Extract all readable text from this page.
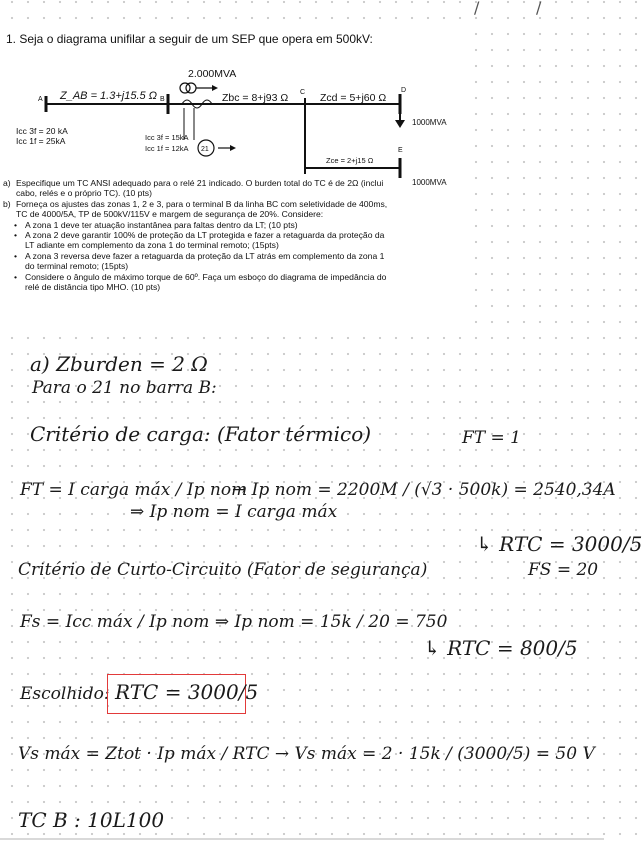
/	/
1. Seja o diagrama unifilar a seguir de um SEP que opera em 500kV:
A	B
C	D
E
Z_AB = 1.3+j15.5 Ω
2.000MVA
Zbc = 8+j93 Ω	Zcd = 5+j60 Ω
Zce = 2+j15 Ω
1000MVA
1000MVA
Icc 3f = 20 kA
Icc 1f = 25kA	Icc 3f = 15kA
Icc 1f = 12kA 21
a) Especifique um TC ANSI adequado para o relé 21 indicado. O burden total do TC é de 2Ω (inclui cabo, relés e o próprio TC). (10 pts)
b) Forneça os ajustes das zonas 1, 2 e 3, para o terminal B da linha BC com seletividade de 400ms, TC de 4000/5A, TP de 500kV/115V e margem de segurança de 20%. Considere:
• A zona 1 deve ter atuação instantânea para faltas dentro da LT; (10 pts)
• A zona 2 deve garantir 100% de proteção da LT protegida e fazer a retaguarda da proteção da LT adiante em complemento da zona 1 do terminal remoto; (15pts)
• A zona 3 reversa deve fazer a retaguarda da proteção da LT atrás em complemento da zona 1 do terminal remoto; (15pts)
• Considere o ângulo de máximo torque de 60º. Faça um esboço do diagrama de impedância do relé de distância tipo MHO. (10 pts)
a) Zburden = 2 Ω
Para o 21 no barra B:
Critério de carga: (Fator térmico)	FT = 1
FT = I carga máx / Ip nom
⇒ Ip nom = I carga máx
→ Ip nom = 2200M / (√3 · 500k) = 2540,34A
↳ RTC = 3000/5
Critério de Curto-Circuito (Fator de segurança)	FS = 20
Fs = Icc máx / Ip nom ⇒ Ip nom = 15k / 20 = 750
↳ RTC = 800/5
Escolhido: RTC = 3000/5
Vs máx = Ztot · Ip máx / RTC → Vs máx = 2 · 15k / (3000/5) = 50 V
TC B : 10L100
